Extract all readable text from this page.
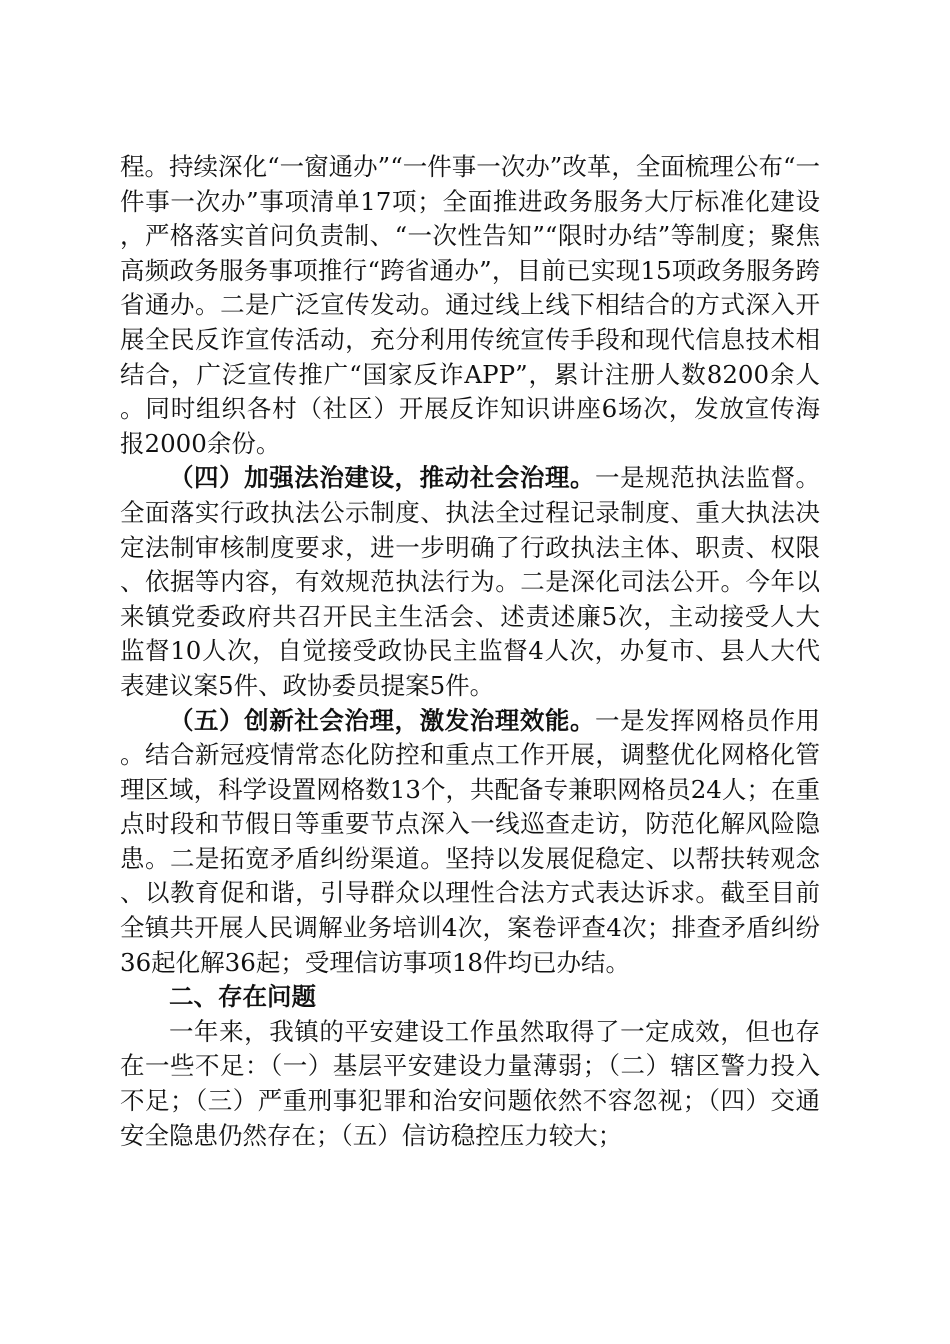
程。持续深化“一窗通办”“一件事一次办”改革，全面梳理公布“一件事一次办”事项清单17项；全面推进政务服务大厅标准化建设，严格落实首问负责制、“一次性告知”“限时办结”等制度；聚焦高频政务服务事项推行“跨省通办”，目前已实现15项政务服务跨省通办。二是广泛宣传发动。通过线上线下相结合的方式深入开展全民反诈宣传活动，充分利用传统宣传手段和现代信息技术相结合，广泛宣传推广“国家反诈APP”，累计注册人数8200余人。同时组织各村（社区）开展反诈知识讲座6场次，发放宣传海报2000余份。

（四）加强法治建设，推动社会治理。一是规范执法监督。全面落实行政执法公示制度、执法全过程记录制度、重大执法决定法制审核制度要求，进一步明确了行政执法主体、职责、权限、依据等内容，有效规范执法行为。二是深化司法公开。今年以来镇党委政府共召开民主生活会、述责述廉5次，主动接受人大监督10人次，自觉接受政协民主监督4人次，办复市、县人大代表建议案5件、政协委员提案5件。

（五）创新社会治理，激发治理效能。一是发挥网格员作用。结合新冠疫情常态化防控和重点工作开展，调整优化网格化管理区域，科学设置网格数13个，共配备专兼职网格员24人；在重点时段和节假日等重要节点深入一线巡查走访，防范化解风险隐患。二是拓宽矛盾纠纷渠道。坚持以发展促稳定、以帮扶转观念、以教育促和谐，引导群众以理性合法方式表达诉求。截至目前全镇共开展人民调解业务培训4次，案卷评查4次；排查矛盾纠纷36起化解36起；受理信访事项18件均已办结。

二、存在问题

一年来，我镇的平安建设工作虽然取得了一定成效，但也存在一些不足：（一）基层平安建设力量薄弱；（二）辖区警力投入不足；（三）严重刑事犯罪和治安问题依然不容忽视；（四）交通安全隐患仍然存在；（五）信访稳控压力较大；
